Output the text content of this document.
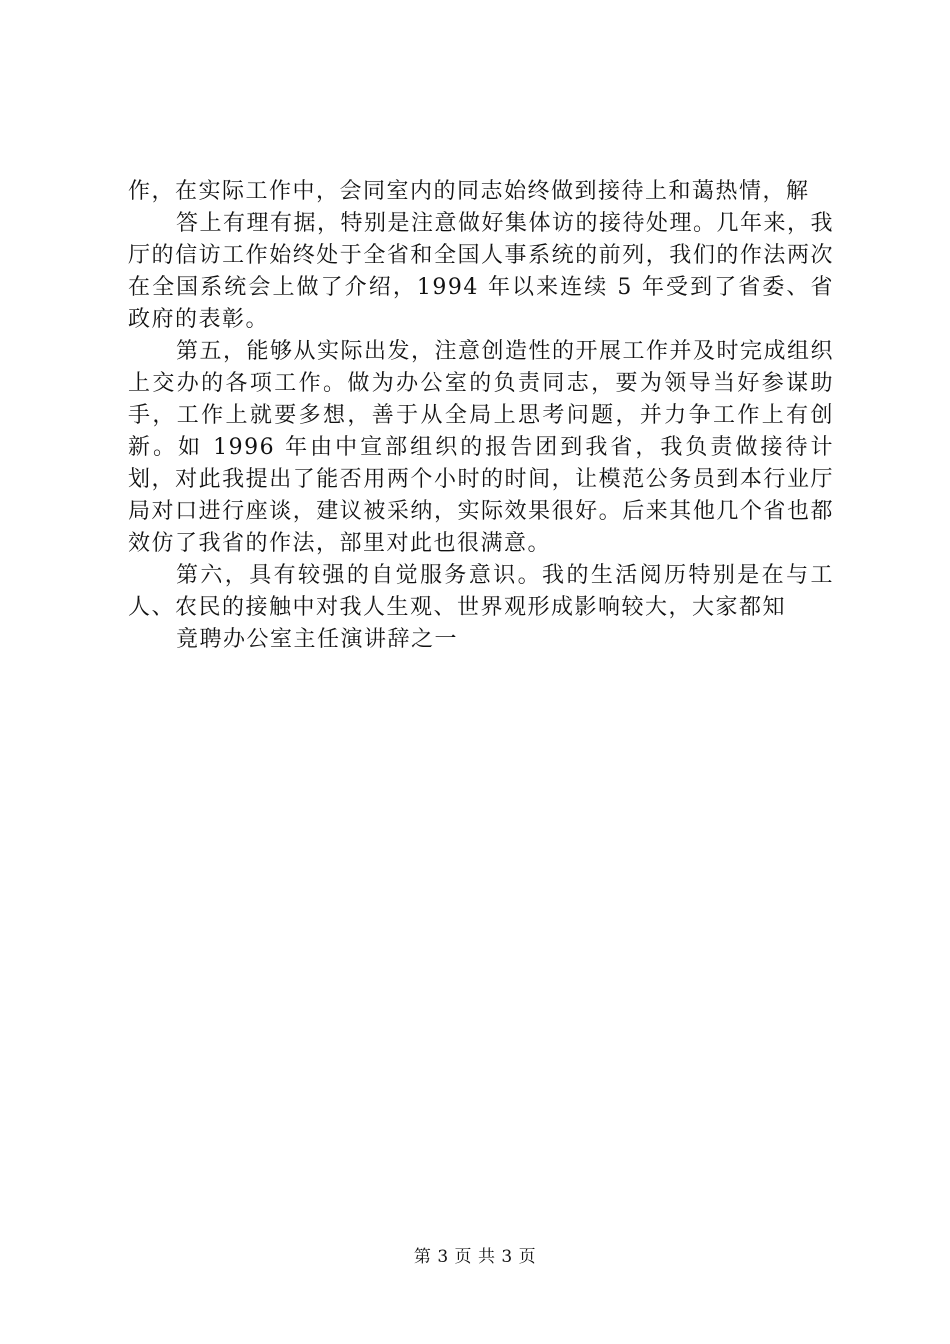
作，在实际工作中，会同室内的同志始终做到接待上和蔼热情，解

答上有理有据，特别是注意做好集体访的接待处理。几年来，我厅的信访工作始终处于全省和全国人事系统的前列，我们的作法两次在全国系统会上做了介绍，1994 年以来连续 5 年受到了省委、省政府的表彰。

第五，能够从实际出发，注意创造性的开展工作并及时完成组织上交办的各项工作。做为办公室的负责同志，要为领导当好参谋助手，工作上就要多想，善于从全局上思考问题，并力争工作上有创新。如 1996 年由中宣部组织的报告团到我省，我负责做接待计划，对此我提出了能否用两个小时的时间，让模范公务员到本行业厅局对口进行座谈，建议被采纳，实际效果很好。后来其他几个省也都效仿了我省的作法，部里对此也很满意。

第六，具有较强的自觉服务意识。我的生活阅历特别是在与工人、农民的接触中对我人生观、世界观形成影响较大，大家都知

竟聘办公室主任演讲辞之一

第 3 页 共 3 页
